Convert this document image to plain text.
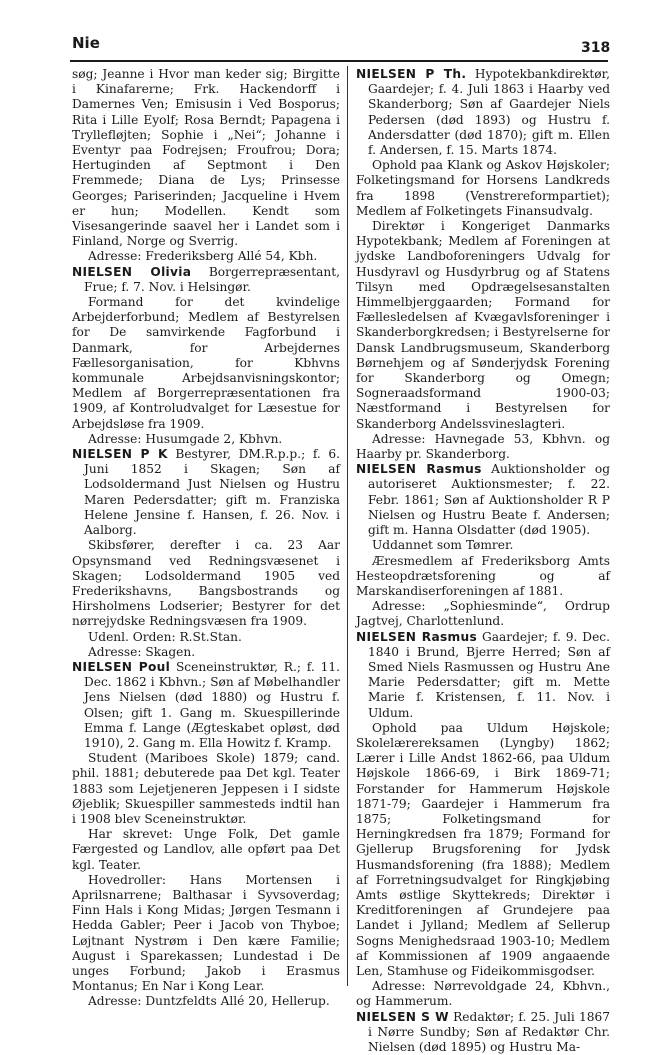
Nie	318

søg; Jeanne i Hvor man keder sig; Birgitte i Kinafarerne; Frk. Hackendorff i Damernes Ven; Emisusin i Ved Bosporus; Rita i Lille Eyolf; Rosa Berndt; Papagena i Tryllefløjten; Sophie i „Nei“; Johanne i Eventyr paa Fodrejsen; Froufrou; Dora; Hertuginden af Septmont i Den Fremmede; Diana de Lys; Prinsesse Georges; Pariserinden; Jacqueline i Hvem er hun; Modellen. Kendt som Visesangerinde saavel her i Landet som i Finland, Norge og Sverrig.

Adresse: Frederiksberg Allé 54, Kbh.

NIELSEN Olivia Borgerrepræsentant, Frue; f. 7. Nov. i Helsingør.

Formand for det kvindelige Arbejderforbund; Medlem af Bestyrelsen for De samvirkende Fagforbund i Danmark, for Arbejdernes Fællesorganisation, for Kbhvns kommunale Arbejdsanvisningskontor; Medlem af Borgerrepræsentationen fra 1909, af Kontroludvalget for Læsestue for Arbejdsløse fra 1909.

Adresse: Husumgade 2, Kbhvn.

NIELSEN P K Bestyrer, DM.R.p.p.; f. 6. Juni 1852 i Skagen; Søn af Lodsoldermand Just Nielsen og Hustru Maren Pedersdatter; gift m. Franziska Helene Jensine f. Hansen, f. 26. Nov. i Aalborg.

Skibsfører, derefter i ca. 23 Aar Opsynsmand ved Redningsvæsenet i Skagen; Lodsoldermand 1905 ved Frederikshavns, Bangsbostrands og Hirsholmens Lodserier; Bestyrer for det nørrejydske Redningsvæsen fra 1909.

Udenl. Orden: R.St.Stan.

Adresse: Skagen.

NIELSEN Poul Sceneinstruktør, R.; f. 11. Dec. 1862 i Kbhvn.; Søn af Møbelhandler Jens Nielsen (død 1880) og Hustru f. Olsen; gift 1. Gang m. Skuespillerinde Emma f. Lange (Ægteskabet opløst, død 1910), 2. Gang m. Ella Howitz f. Kramp.

Student (Mariboes Skole) 1879; cand. phil. 1881; debuterede paa Det kgl. Teater 1883 som Lejetjeneren Jeppesen i I sidste Øjeblik; Skuespiller sammesteds indtil han i 1908 blev Sceneinstruktør.

Har skrevet: Unge Folk, Det gamle Færgested og Landlov, alle opført paa Det kgl. Teater.

Hovedroller: Hans Mortensen i Aprilsnarrene; Balthasar i Syvsoverdag; Finn Hals i Kong Midas; Jørgen Tesmann i Hedda Gabler; Peer i Jacob von Thyboe; Løjtnant Nystrøm i Den kære Familie; August i Sparekassen; Lundestad i De unges Forbund; Jakob i Erasmus Montanus; En Nar i Kong Lear.

Adresse: Duntzfeldts Allé 20, Hellerup.

NIELSEN P Th. Hypotekbankdirektør, Gaardejer; f. 4. Juli 1863 i Haarby ved Skanderborg; Søn af Gaardejer Niels Pedersen (død 1893) og Hustru f. Andersdatter (død 1870); gift m. Ellen f. Andersen, f. 15. Marts 1874.

Ophold paa Klank og Askov Højskoler; Folketingsmand for Horsens Landkreds fra 1898 (Venstrereformpartiet); Medlem af Folketingets Finansudvalg.

Direktør i Kongeriget Danmarks Hypotekbank; Medlem af Foreningen at jydske Landboforeningers Udvalg for Husdyravl og Husdyrbrug og af Statens Tilsyn med Opdrægelsesanstalten Himmelbjerggaarden; Formand for Fællesledelsen af Kvægavlsforeninger i Skanderborgkredsen; i Bestyrelserne for Dansk Landbrugsmuseum, Skanderborg Børnehjem og af Sønderjydsk Forening for Skanderborg og Omegn; Sogneraadsformand 1900-03; Næstformand i Bestyrelsen for Skanderborg Andelssvineslagteri.

Adresse: Havnegade 53, Kbhvn. og Haarby pr. Skanderborg.

NIELSEN Rasmus Auktionsholder og autoriseret Auktionsmester; f. 22. Febr. 1861; Søn af Auktionsholder R P Nielsen og Hustru Beate f. Andersen; gift m. Hanna Olsdatter (død 1905).

Uddannet som Tømrer.

Æresmedlem af Frederiksborg Amts Hesteopdrætsforening og af Marskandiserforeningen af 1881.

Adresse: „Sophiesminde“, Ordrup Jagtvej, Charlottenlund.

NIELSEN Rasmus Gaardejer; f. 9. Dec. 1840 i Brund, Bjerre Herred; Søn af Smed Niels Rasmussen og Hustru Ane Marie Pedersdatter; gift m. Mette Marie f. Kristensen, f. 11. Nov. i Uldum.

Ophold paa Uldum Højskole; Skolelærereksamen (Lyngby) 1862; Lærer i Lille Andst 1862-66, paa Uldum Højskole 1866-69, i Birk 1869-71; Forstander for Hammerum Højskole 1871-79; Gaardejer i Hammerum fra 1875; Folketingsmand for Herningkredsen fra 1879; Formand for Gjellerup Brugsforening for Jydsk Husmandsforening (fra 1888); Medlem af Forretningsudvalget for Ringkjøbing Amts østlige Skyttekreds; Direktør i Kreditforeningen af Grundejere paa Landet i Jylland; Medlem af Sellerup Sogns Menighedsraad 1903-10; Medlem af Kommissionen af 1909 angaaende Len, Stamhuse og Fideikommisgodser.

Adresse: Nørrevoldgade 24, Kbhvn., og Hammerum.

NIELSEN S W Redaktør; f. 25. Juli 1867 i Nørre Sundby; Søn af Redaktør Chr. Nielsen (død 1895) og Hustru Ma-
